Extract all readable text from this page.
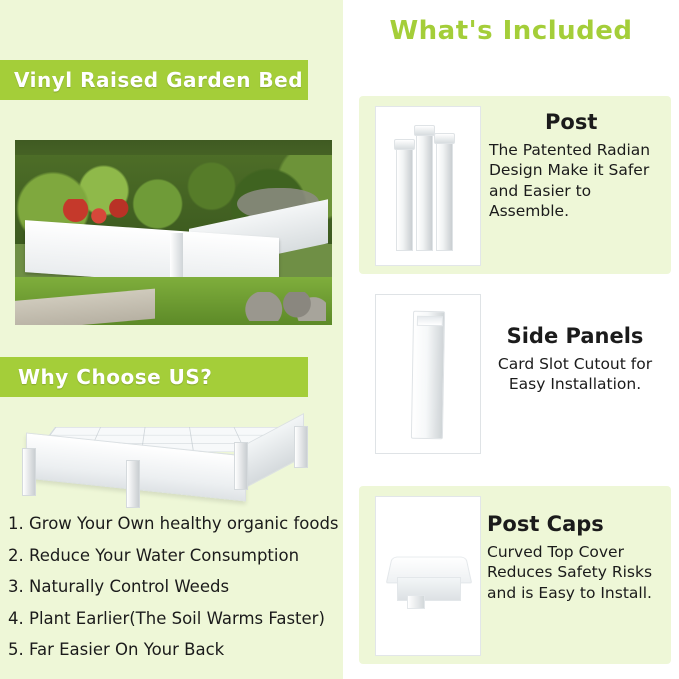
Vinyl Raised Garden Bed
Why Choose US?
1. Grow Your Own healthy organic foods
2. Reduce Your Water Consumption
3. Naturally Control Weeds
4. Plant Earlier(The Soil Warms Faster)
5. Far Easier On Your Back
What's Included
Post
The Patented Radian Design Make it Safer and Easier to Assemble.
Side Panels
Card Slot Cutout for Easy Installation.
Post Caps
Curved Top Cover Reduces Safety Risks and is Easy to Install.
